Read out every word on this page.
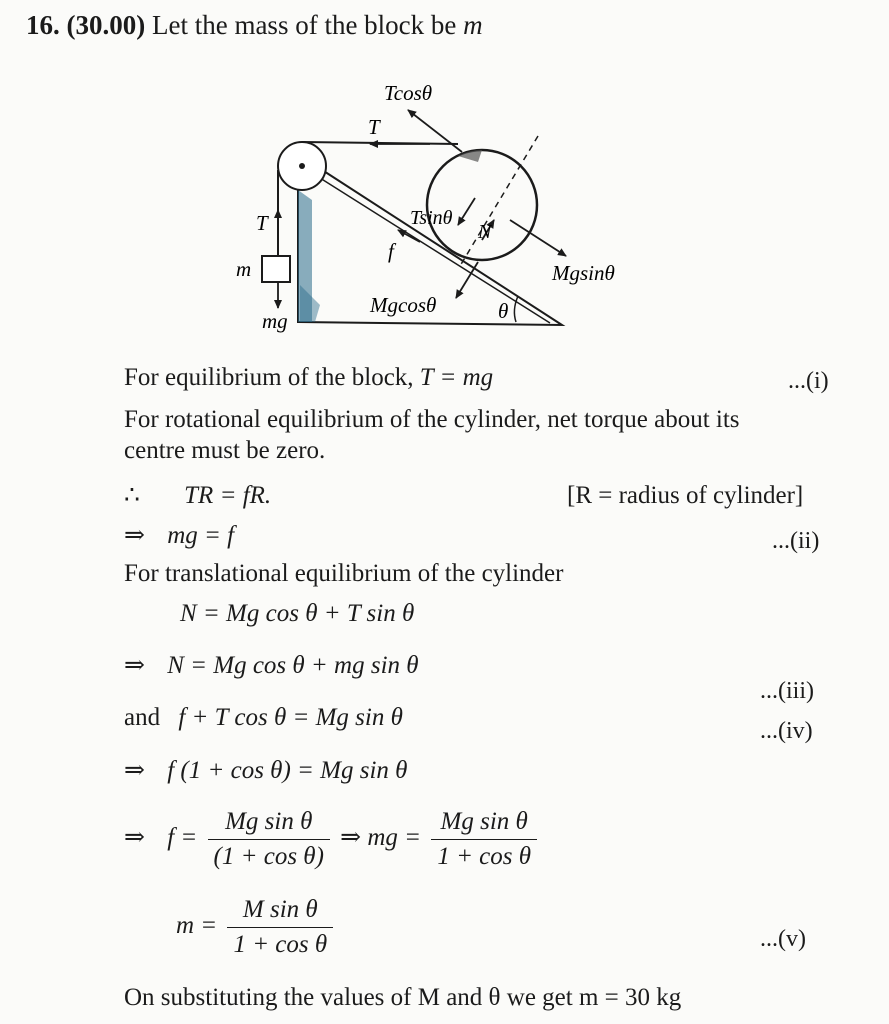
16. (30.00) Let the mass of the block be m
Tcosθ
T
T	Tsinθ
N
f
m
mg
Mgcosθ
Mgsinθ
θ
For equilibrium of the block, T = mg	...(i)
For rotational equilibrium of the cylinder, net torque about its
centre must be zero.
∴ TR = fR.	[R = radius of cylinder]
⇒ mg = f	...(ii)
For translational equilibrium of the cylinder
N = Mg cos θ + T sin θ
⇒ N = Mg cos θ + mg sin θ
...(iii)
and f + T cos θ = Mg sin θ	...(iv)
⇒ f (1 + cos θ) = Mg sin θ
⇒ $f = \frac{\text{Mg sin θ}}{\text{(1 + cos θ)}}$ ⇒ mg = $\frac{\text{Mg sin θ}}{\text{1 + cos θ}}$
$m = \frac{\text{M sin θ}}{\text{1 + cos θ}}$	...(v)
On substituting the values of M and θ we get m = 30 kg
